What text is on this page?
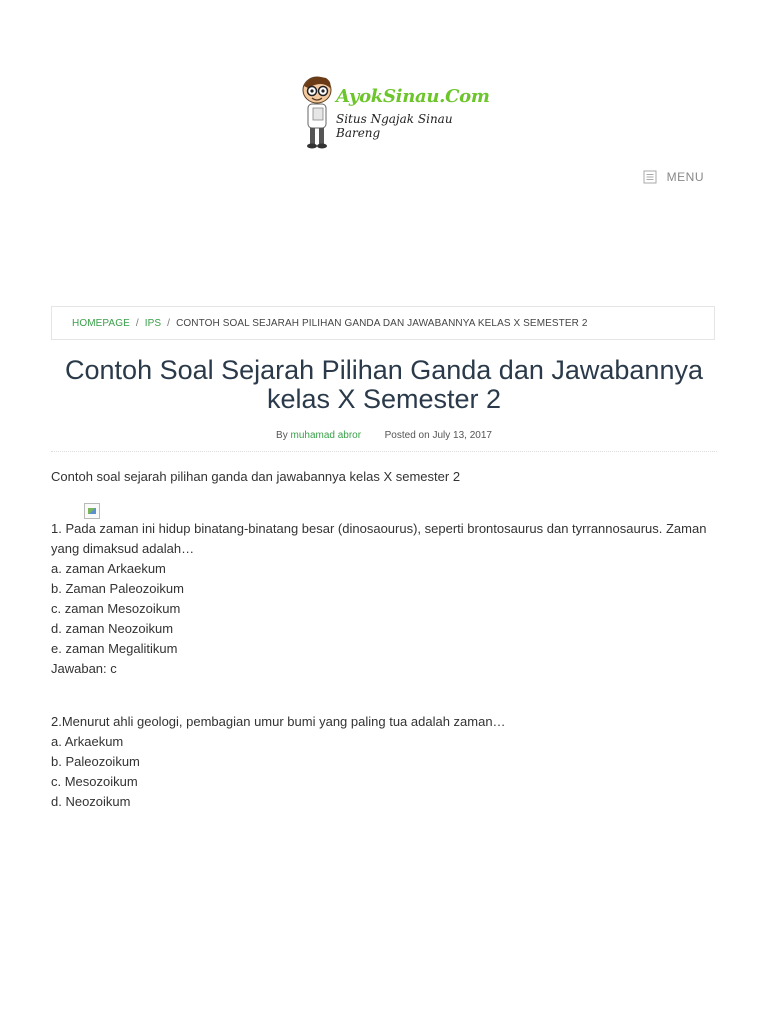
AyokSinau.Com
Situs Ngajak Sinau Bareng
MENU
HOMEPAGE / IPS / CONTOH SOAL SEJARAH PILIHAN GANDA DAN JAWABANNYA KELAS X SEMESTER 2
Contoh Soal Sejarah Pilihan Ganda dan Jawabannya kelas X Semester 2
By muhamad abror Posted on July 13, 2017

Contoh soal sejarah pilihan ganda dan jawabannya kelas X semester 2

1. Pada zaman ini hidup binatang-binatang besar (dinosaourus), seperti brontosaurus dan tyrrannosaurus. Zaman yang dimaksud adalah…

a. zaman Arkaekum

b. Zaman Paleozoikum

c. zaman Mesozoikum

d. zaman Neozoikum

e. zaman Megalitikum

Jawaban: c

2.Menurut ahli geologi, pembagian umur bumi yang paling tua adalah zaman…

a. Arkaekum

b. Paleozoikum

c. Mesozoikum

d. Neozoikum
